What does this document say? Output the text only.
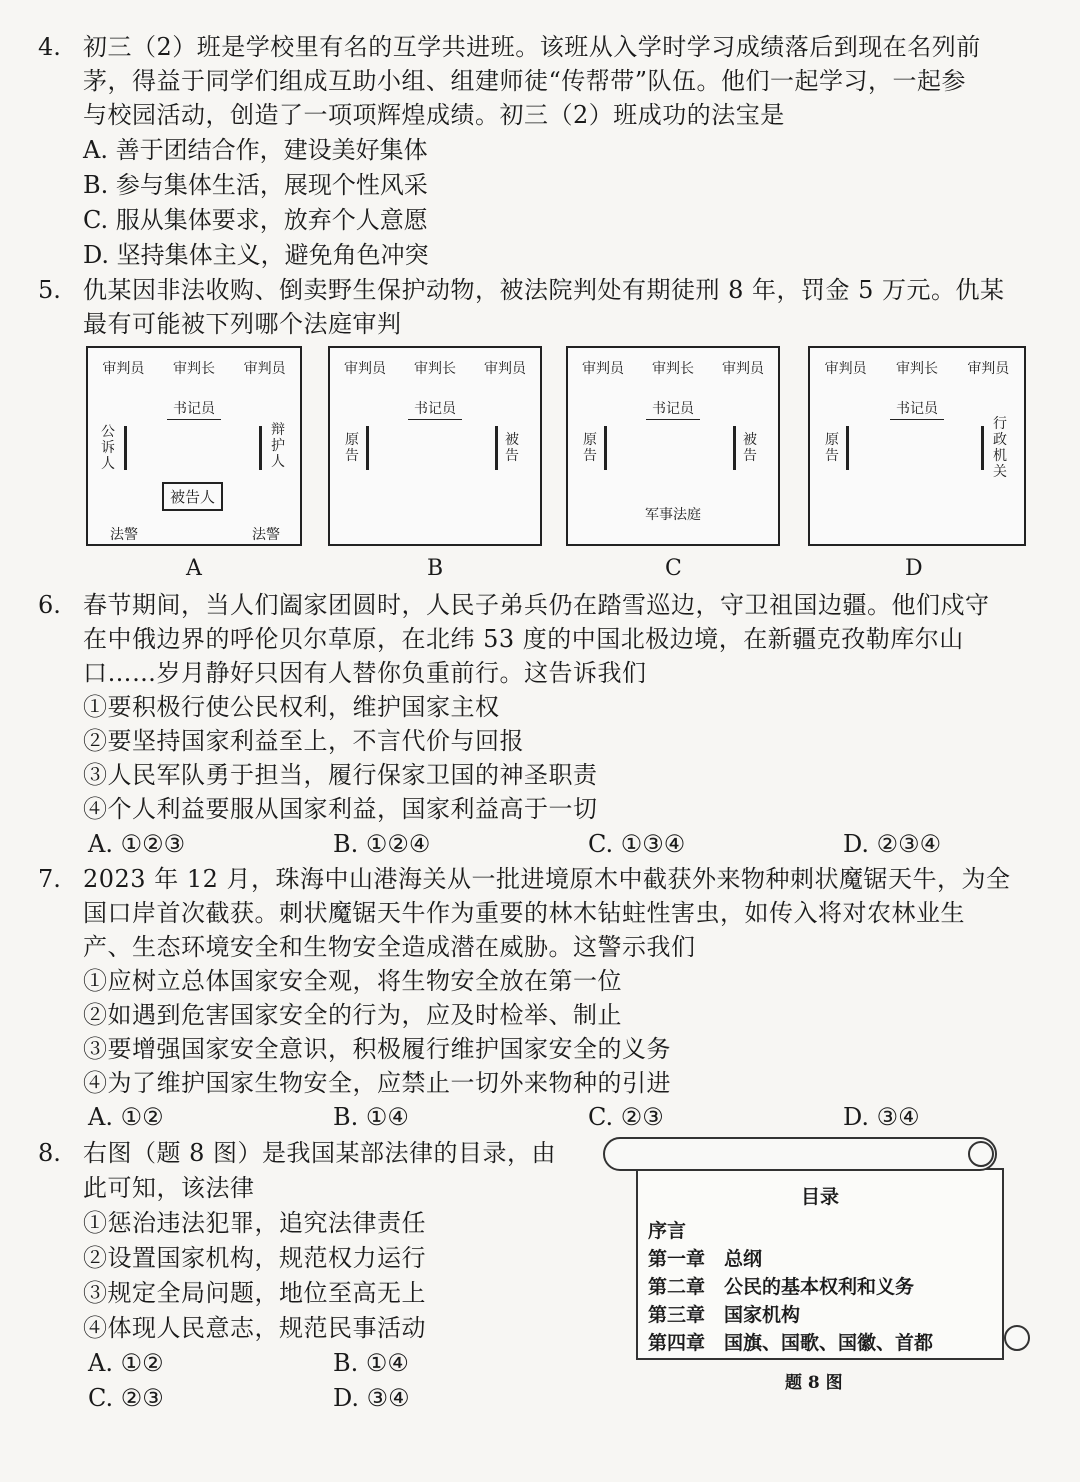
4. 初三（2）班是学校里有名的互学共进班。该班从入学时学习成绩落后到现在名列前
茅，得益于同学们组成互助小组、组建师徒“传帮带”队伍。他们一起学习，一起参
与校园活动，创造了一项项辉煌成绩。初三（2）班成功的法宝是
A. 善于团结合作，建设美好集体
B. 参与集体生活，展现个性风采
C. 服从集体要求，放弃个人意愿
D. 坚持集体主义，避免角色冲突
5. 仇某因非法收购、倒卖野生保护动物，被法院判处有期徒刑 8 年，罚金 5 万元。仇某
最有可能被下列哪个法庭审判
审判员 审判长 审判员
书记员
公诉人
辩护人
被告人
法警	法警
A
审判员 审判长 审判员
书记员
原告
被告
B
审判员 审判长 审判员
书记员
原告
被告
军事法庭
C
审判员 审判长 审判员
书记员
原告
行政机关
D
6. 春节期间，当人们阖家团圆时，人民子弟兵仍在踏雪巡边，守卫祖国边疆。他们戍守
在中俄边界的呼伦贝尔草原，在北纬 53 度的中国北极边境，在新疆克孜勒库尔山
口……岁月静好只因有人替你负重前行。这告诉我们
①要积极行使公民权利，维护国家主权
②要坚持国家利益至上，不言代价与回报
③人民军队勇于担当，履行保家卫国的神圣职责
④个人利益要服从国家利益，国家利益高于一切
A. ①②③	B. ①②④	C. ①③④	D. ②③④
7. 2023 年 12 月，珠海中山港海关从一批进境原木中截获外来物种刺状魔锯天牛，为全
国口岸首次截获。刺状魔锯天牛作为重要的林木钻蛀性害虫，如传入将对农林业生
产、生态环境安全和生物安全造成潜在威胁。这警示我们
①应树立总体国家安全观，将生物安全放在第一位
②如遇到危害国家安全的行为，应及时检举、制止
③要增强国家安全意识，积极履行维护国家安全的义务
④为了维护国家生物安全，应禁止一切外来物种的引进
A. ①②	B. ①④	C. ②③	D. ③④
8. 右图（题 8 图）是我国某部法律的目录，由
此可知，该法律
①惩治违法犯罪，追究法律责任
②设置国家机构，规范权力运行
③规定全局问题，地位至高无上
④体现人民意志，规范民事活动
A. ①②	B. ①④
C. ②③	D. ③④
目录
序言
第一章　总纲
第二章　公民的基本权利和义务
第三章　国家机构
第四章　国旗、国歌、国徽、首都
题 8 图
